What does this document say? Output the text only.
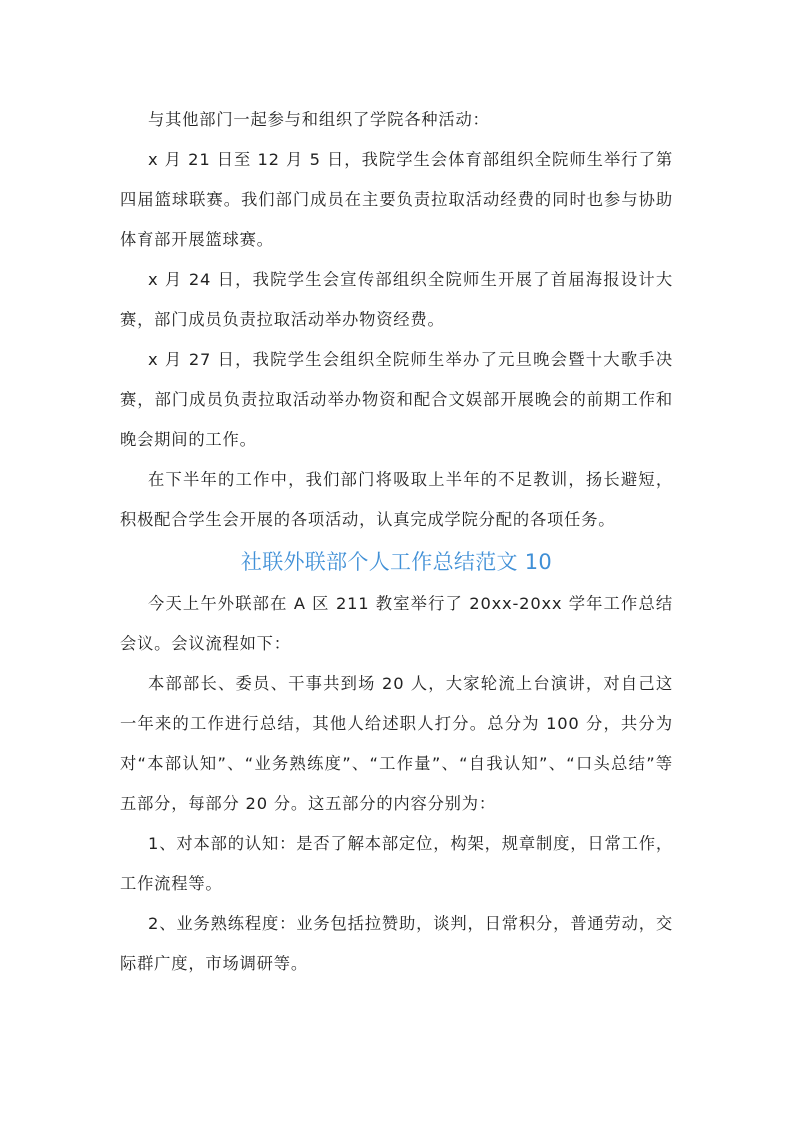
与其他部门一起参与和组织了学院各种活动：

x 月 21 日至 12 月 5 日，我院学生会体育部组织全院师生举行了第四届篮球联赛。我们部门成员在主要负责拉取活动经费的同时也参与协助体育部开展篮球赛。

x 月 24 日，我院学生会宣传部组织全院师生开展了首届海报设计大赛，部门成员负责拉取活动举办物资经费。

x 月 27 日，我院学生会组织全院师生举办了元旦晚会暨十大歌手决赛，部门成员负责拉取活动举办物资和配合文娱部开展晚会的前期工作和晚会期间的工作。

在下半年的工作中，我们部门将吸取上半年的不足教训，扬长避短，积极配合学生会开展的各项活动，认真完成学院分配的各项任务。

社联外联部个人工作总结范文 10

今天上午外联部在 A 区 211 教室举行了 20xx-20xx 学年工作总结会议。会议流程如下：

本部部长、委员、干事共到场 20 人，大家轮流上台演讲，对自己这一年来的工作进行总结，其他人给述职人打分。总分为 100 分，共分为对“本部认知”、“业务熟练度”、“工作量”、“自我认知”、“口头总结”等五部分，每部分 20 分。这五部分的内容分别为：

1、对本部的认知：是否了解本部定位，构架，规章制度，日常工作，工作流程等。

2、业务熟练程度：业务包括拉赞助，谈判，日常积分，普通劳动，交际群广度，市场调研等。
